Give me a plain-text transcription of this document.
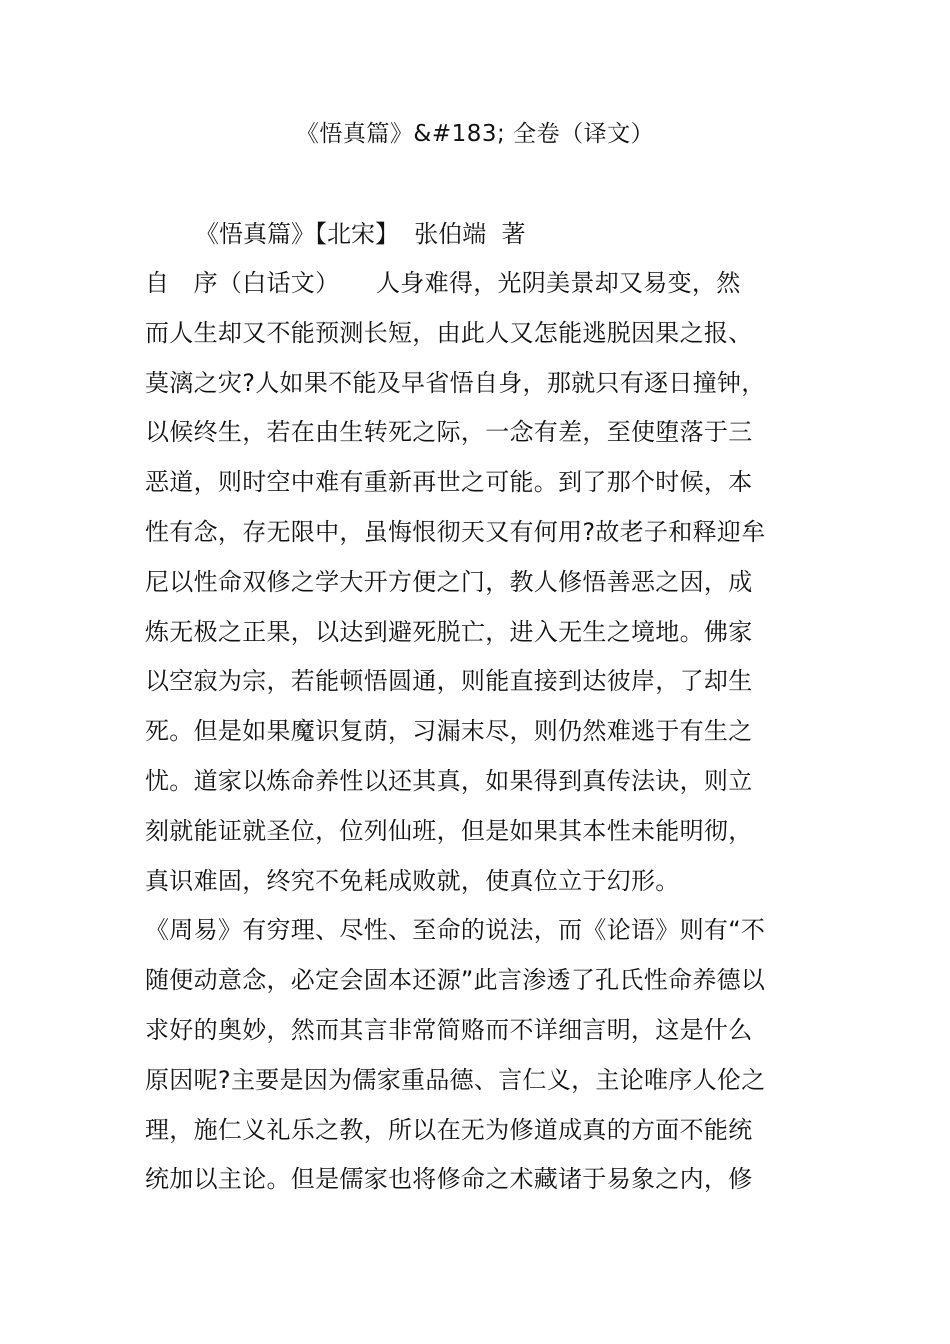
《悟真篇》&#183; 全卷（译文）
《悟真篇》【北宋】  张伯端  著
自　序（白话文）　　人身难得，光阴美景却又易变，然
而人生却又不能预测长短，由此人又怎能逃脱因果之报、
莫漓之灾?人如果不能及早省悟自身，那就只有逐日撞钟，
以候终生，若在由生转死之际，一念有差，至使堕落于三
恶道，则时空中难有重新再世之可能。到了那个时候，本
性有念，存无限中，虽悔恨彻天又有何用?故老子和释迎牟
尼以性命双修之学大开方便之门，教人修悟善恶之因，成
炼无极之正果，以达到避死脱亡，进入无生之境地。佛家
以空寂为宗，若能顿悟圆通，则能直接到达彼岸，了却生
死。但是如果魔识复荫，习漏末尽，则仍然难逃于有生之
忧。道家以炼命养性以还其真，如果得到真传法诀，则立
刻就能证就圣位，位列仙班，但是如果其本性未能明彻，
真识难固，终究不免耗成败就，使真位立于幻形。
《周易》有穷理、尽性、至命的说法，而《论语》则有“不
随便动意念，必定会固本还源”此言渗透了孔氏性命养德以
求好的奥妙，然而其言非常简赂而不详细言明，这是什么
原因呢?主要是因为儒家重品德、言仁义，主论唯序人伦之
理，施仁义礼乐之教，所以在无为修道成真的方面不能统
统加以主论。但是儒家也将修命之术藏诸于易象之内，修
